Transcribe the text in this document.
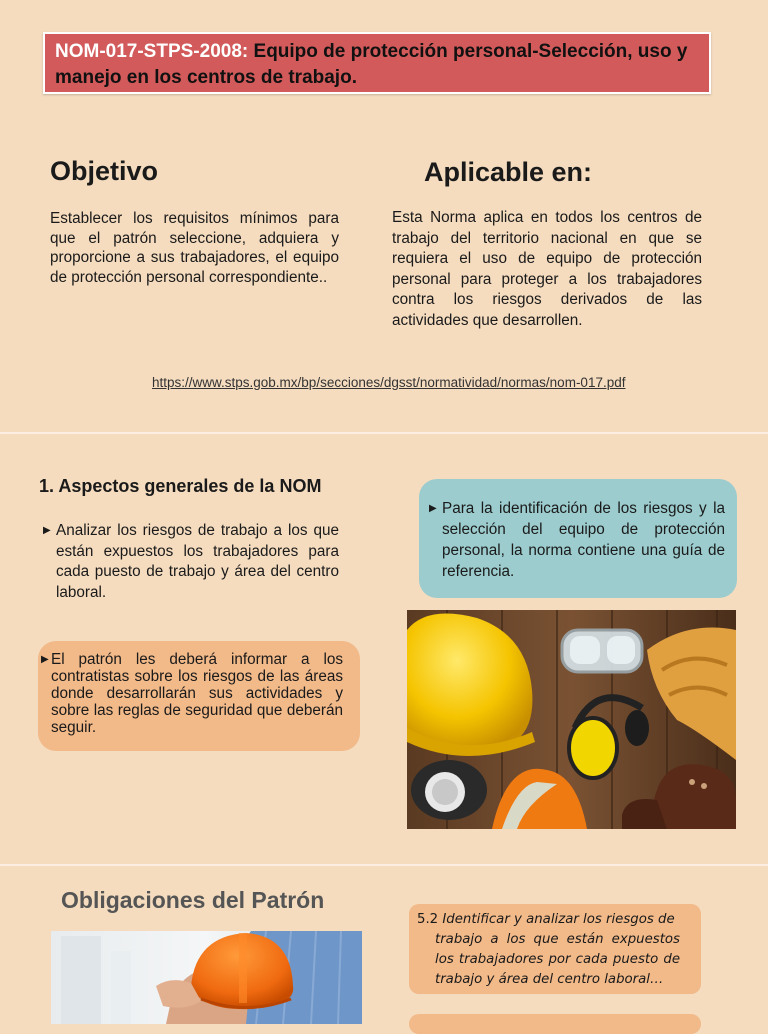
NOM-017-STPS-2008: Equipo de protección personal-Selección, uso y manejo en los centros de trabajo.
Objetivo	Aplicable en:
Establecer los requisitos mínimos para que el patrón seleccione, adquiera y proporcione a sus trabajadores, el equipo de protección personal correspondiente..
Esta Norma aplica en todos los centros de trabajo del territorio nacional en que se requiera el uso de equipo de protección personal para proteger a los trabajadores contra los riesgos derivados de las actividades que desarrollen.
https://www.stps.gob.mx/bp/secciones/dgsst/normatividad/normas/nom-017.pdf
1. Aspectos generales de la NOM
▶ Analizar los riesgos de trabajo a los que están expuestos los trabajadores para cada puesto de trabajo y área del centro laboral.
▶ Para la identificación de los riesgos y la selección del equipo de protección personal, la norma contiene una guía de referencia.
▶ El patrón les deberá informar a los contratistas sobre los riesgos de las áreas donde desarrollarán sus actividades y sobre las reglas de seguridad que deberán seguir.
Obligaciones del Patrón
5.2 Identificar y analizar los riesgos de
trabajo a los que están expuestos los trabajadores por cada puesto de trabajo y área del centro laboral…
